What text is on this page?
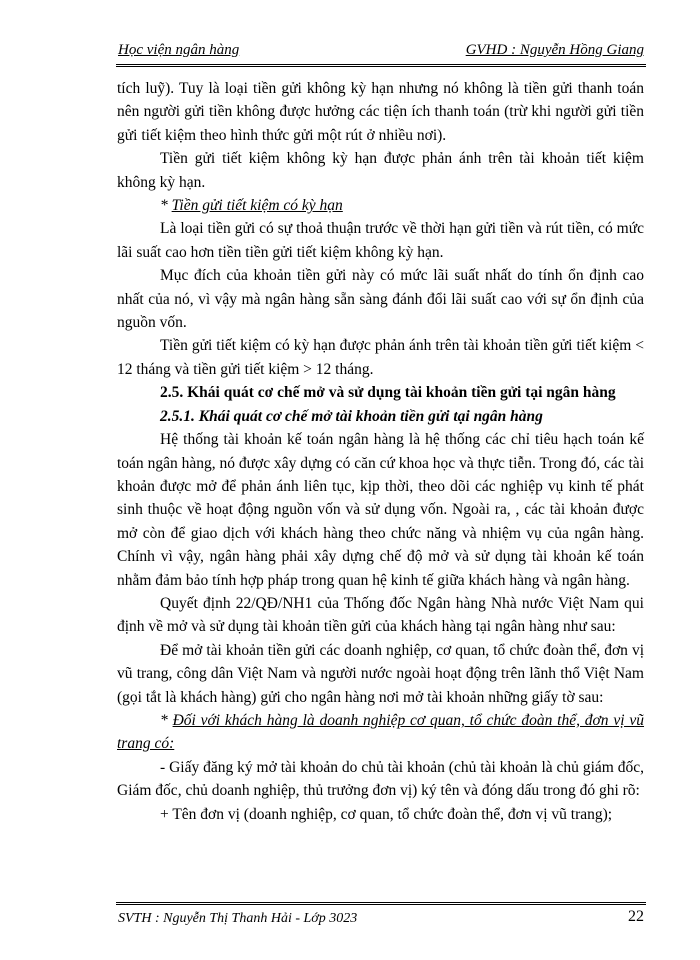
Học viện ngân hàng	GVHD : Nguyễn Hồng Giang

tích luỹ). Tuy là loại tiền gửi không kỳ hạn nhưng nó không là tiền gửi thanh toán nên người gửi tiền không được hưởng các tiện ích thanh toán (trừ khi người gửi tiền gửi tiết kiệm theo hình thức gửi một rút ở nhiều nơi).

Tiền gửi tiết kiệm không kỳ hạn được phản ánh trên tài khoản tiết kiệm không kỳ hạn.

* Tiền gửi tiết kiệm có kỳ hạn

Là loại tiền gửi có sự thoả thuận trước về thời hạn gửi tiền và rút tiền, có mức lãi suất cao hơn tiền tiền gửi tiết kiệm không kỳ hạn.

Mục đích của khoản tiền gửi này có mức lãi suất nhất do tính ổn định cao nhất của nó, vì vậy mà ngân hàng sẵn sàng đánh đổi lãi suất cao với sự ổn định của nguồn vốn.

Tiền gửi tiết kiệm có kỳ hạn được phản ánh trên tài khoản tiền gửi tiết kiệm < 12 tháng và tiền gửi tiết kiệm > 12 tháng.

2.5. Khái quát cơ chế mở và sử dụng tài khoản tiền gửi tại ngân hàng

2.5.1. Khái quát cơ chế mở tài khoản tiền gửi tại ngân hàng

Hệ thống tài khoản kế toán ngân hàng là hệ thống các chỉ tiêu hạch toán kế toán ngân hàng, nó được xây dựng có căn cứ khoa học và thực tiễn. Trong đó, các tài khoản được mở để phản ánh liên tục, kịp thời, theo dõi các nghiệp vụ kinh tế phát sinh thuộc về hoạt động nguồn vốn và sử dụng vốn. Ngoài ra, , các tài khoản được mở còn để giao dịch với khách hàng theo chức năng và nhiệm vụ của ngân hàng. Chính vì vậy, ngân hàng phải xây dựng chế độ mở và sử dụng tài khoản kế toán nhằm đảm bảo tính hợp pháp trong quan hệ kinh tế giữa khách hàng và ngân hàng.

Quyết định 22/QĐ/NH1 của Thống đốc Ngân hàng Nhà nước Việt Nam qui định về mở và sử dụng tài khoản tiền gửi của khách hàng tại ngân hàng như sau:

Để mở tài khoản tiền gửi các doanh nghiệp, cơ quan, tổ chức đoàn thể, đơn vị vũ trang, công dân Việt Nam và người nước ngoài hoạt động trên lãnh thổ Việt Nam (gọi tắt là khách hàng) gửi cho ngân hàng nơi mở tài khoản những giấy tờ sau:

* Đối với khách hàng là doanh nghiệp cơ quan, tổ chức đoàn thể, đơn vị vũ trang có:

- Giấy đăng ký mở tài khoản do chủ tài khoản (chủ tài khoản là chủ giám đốc, Giám đốc, chủ doanh nghiệp, thủ trưởng đơn vị) ký tên và đóng dấu trong đó ghi rõ:

+ Tên đơn vị (doanh nghiệp, cơ quan, tổ chức đoàn thể, đơn vị vũ trang);

SVTH : Nguyễn Thị Thanh Hải - Lớp 3023	22
